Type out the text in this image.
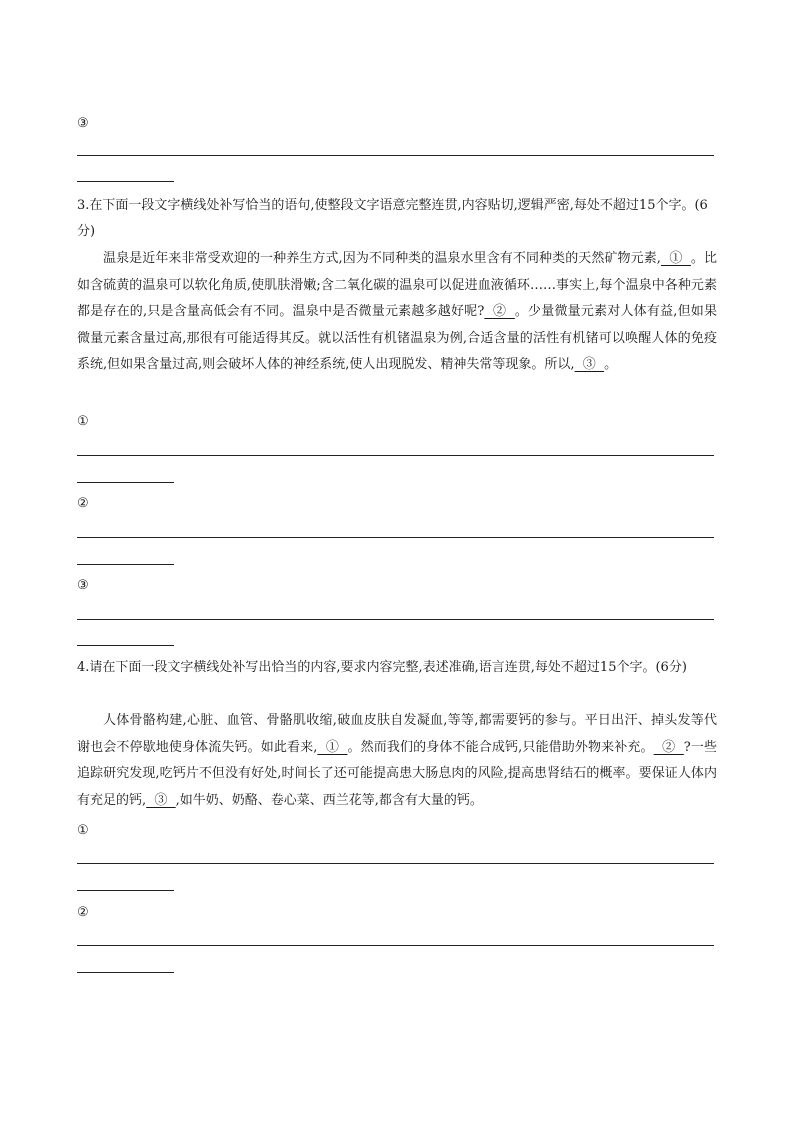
③
3.在下面一段文字横线处补写恰当的语句,使整段文字语意完整连贯,内容贴切,逻辑严密,每处不超过15个字。(6分)
温泉是近年来非常受欢迎的一种养生方式,因为不同种类的温泉水里含有不同种类的天然矿物元素,  ①  。比如含硫黄的温泉可以软化角质,使肌肤滑嫩;含二氧化碳的温泉可以促进血液循环……事实上,每个温泉中各种元素都是存在的,只是含量高低会有不同。温泉中是否微量元素越多越好呢?  ②  。少量微量元素对人体有益,但如果微量元素含量过高,那很有可能适得其反。就以活性有机锗温泉为例,合适含量的活性有机锗可以唤醒人体的免疫系统,但如果含量过高,则会破坏人体的神经系统,使人出现脱发、精神失常等现象。所以,  ③  。
①
②
③
4.请在下面一段文字横线处补写出恰当的内容,要求内容完整,表述准确,语言连贯,每处不超过15个字。(6分)
人体骨骼构建,心脏、血管、骨骼肌收缩,破血皮肤自发凝血,等等,都需要钙的参与。平日出汗、掉头发等代谢也会不停歇地使身体流失钙。如此看来,  ①  。然而我们的身体不能合成钙,只能借助外物来补充。  ②  ?一些追踪研究发现,吃钙片不但没有好处,时间长了还可能提高患大肠息肉的风险,提高患肾结石的概率。要保证人体内有充足的钙,  ③  ,如牛奶、奶酪、卷心菜、西兰花等,都含有大量的钙。
①
②
